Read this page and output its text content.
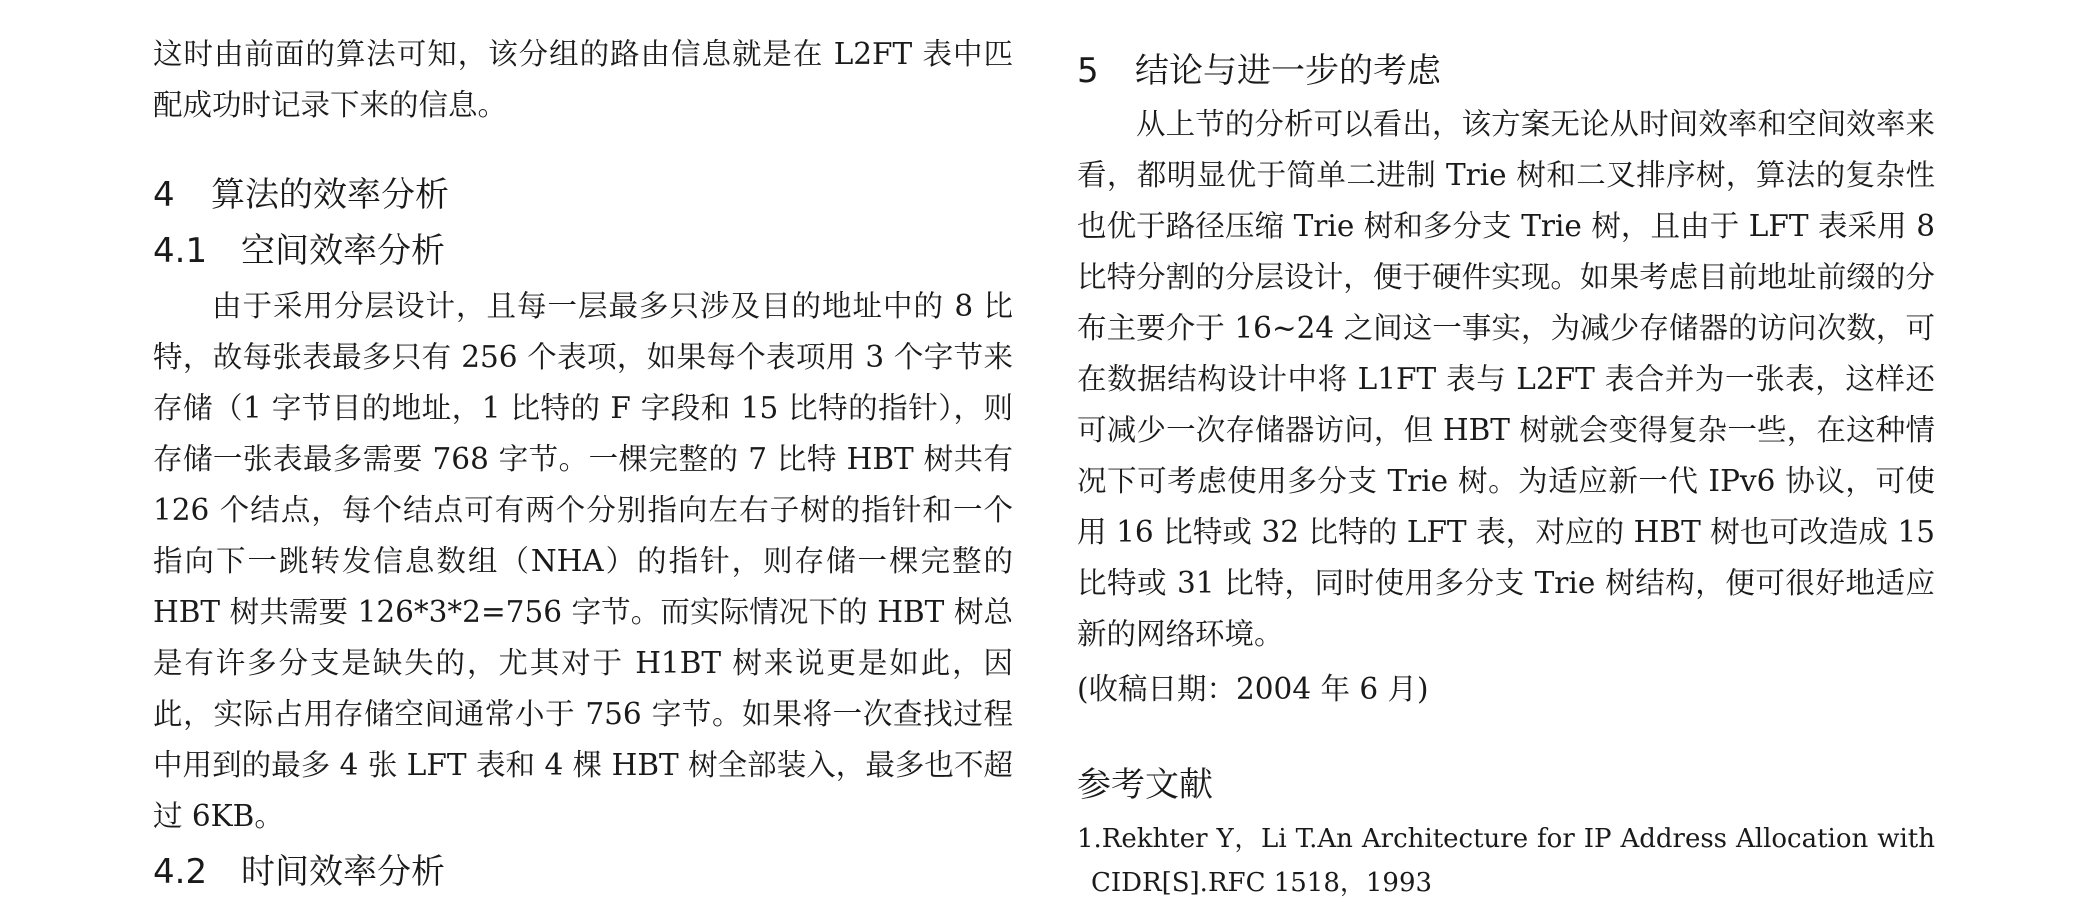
这时由前面的算法可知，该分组的路由信息就是在 L2FT 表中匹配成功时记录下来的信息。

4 算法的效率分析
4.1 空间效率分析

由于采用分层设计，且每一层最多只涉及目的地址中的 8 比特，故每张表最多只有 256 个表项，如果每个表项用 3 个字节来存储（1 字节目的地址，1 比特的 F 字段和 15 比特的指针），则存储一张表最多需要 768 字节。一棵完整的 7 比特 HBT 树共有 126 个结点，每个结点可有两个分别指向左右子树的指针和一个指向下一跳转发信息数组（NHA）的指针，则存储一棵完整的 HBT 树共需要 126*3*2=756 字节。而实际情况下的 HBT 树总是有许多分支是缺失的，尤其对于 H1BT 树来说更是如此，因此，实际占用存储空间通常小于 756 字节。如果将一次查找过程中用到的最多 4 张 LFT 表和 4 棵 HBT 树全部装入，最多也不超过 6KB。

4.2 时间效率分析
5 结论与进一步的考虑

从上节的分析可以看出，该方案无论从时间效率和空间效率来看，都明显优于简单二进制 Trie 树和二叉排序树，算法的复杂性也优于路径压缩 Trie 树和多分支 Trie 树，且由于 LFT 表采用 8 比特分割的分层设计，便于硬件实现。如果考虑目前地址前缀的分布主要介于 16~24 之间这一事实，为减少存储器的访问次数，可在数据结构设计中将 L1FT 表与 L2FT 表合并为一张表，这样还可减少一次存储器访问，但 HBT 树就会变得复杂一些，在这种情况下可考虑使用多分支 Trie 树。为适应新一代 IPv6 协议，可使用 16 比特或 32 比特的 LFT 表，对应的 HBT 树也可改造成 15 比特或 31 比特，同时使用多分支 Trie 树结构，便可很好地适应新的网络环境。

(收稿日期：2004 年 6 月)

参考文献

1.Rekhter Y，Li T.An Architecture for IP Address Allocation with CIDR[S].RFC 1518，1993
